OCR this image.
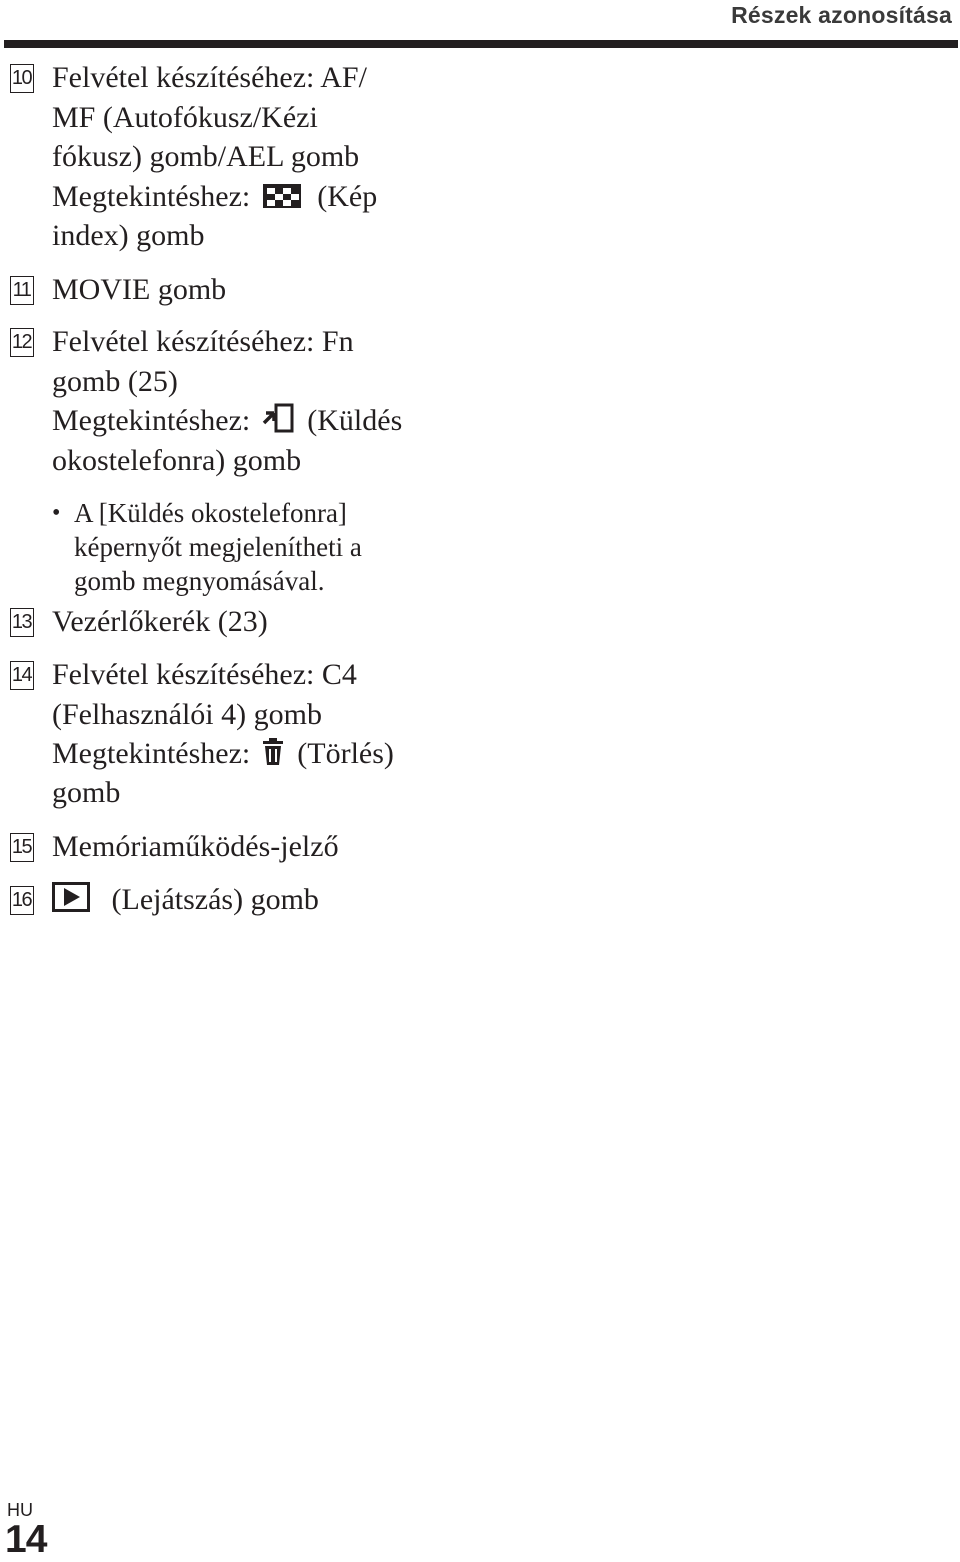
Részek azonosítása
10 Felvétel készítéséhez: AF/
MF (Autofókusz/Kézi
fókusz) gomb/AEL gomb
Megtekintéshez: (Kép
index) gomb
11 MOVIE gomb
12 Felvétel készítéséhez: Fn
gomb (25)
Megtekintéshez: (Küldés
okostelefonra) gomb
• A [Küldés okostelefonra]
képernyőt megjelenítheti a
gomb megnyomásával.
13 Vezérlőkerék (23)
14 Felvétel készítéséhez: C4
(Felhasználói 4) gomb
Megtekintéshez: (Törlés)
gomb
15 Memóriaműködés-jelző
16	(Lejátszás) gomb
HU
14
